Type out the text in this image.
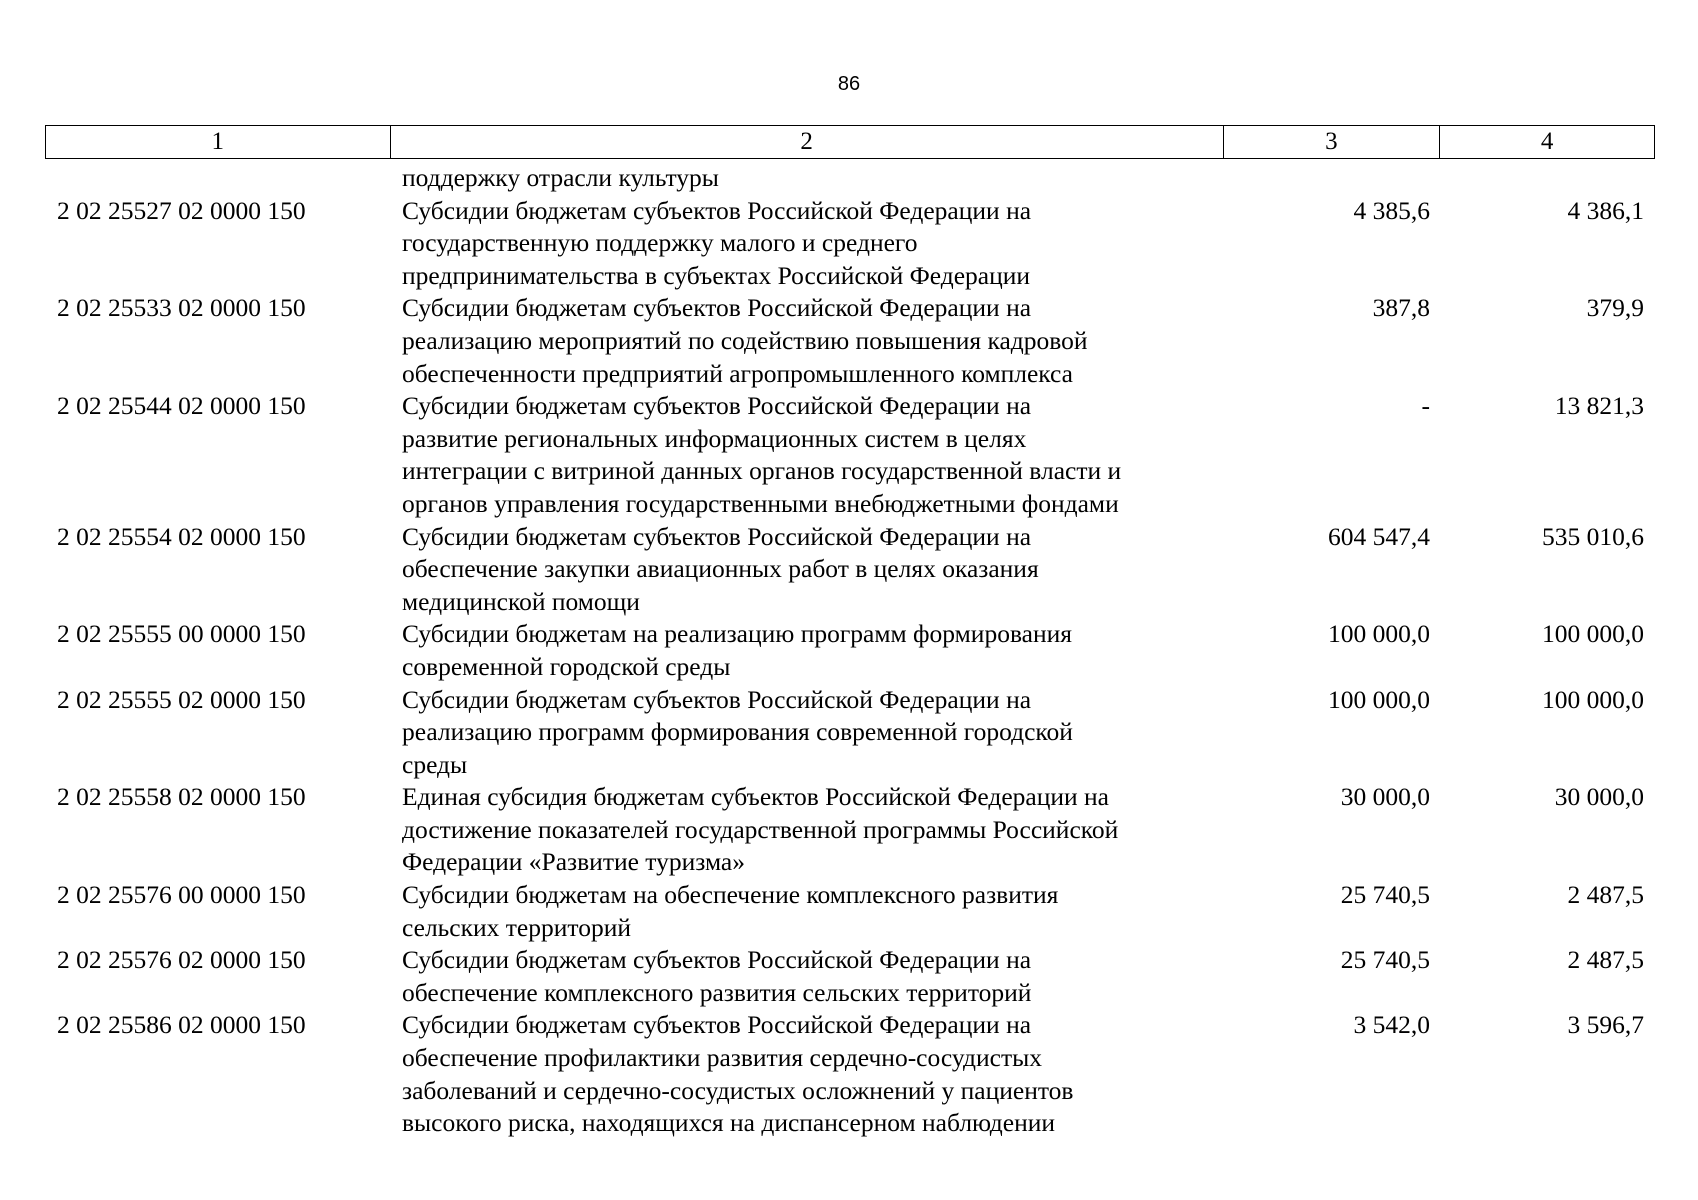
86
1	2	3	4
поддержку отрасли культуры
2 02 25527 02 0000 150	Субсидии бюджетам субъектов Российской Федерации на
государственную поддержку малого и среднего
предпринимательства в субъектах Российской Федерации
4 385,6	4 386,1
2 02 25533 02 0000 150	Субсидии бюджетам субъектов Российской Федерации на
реализацию мероприятий по содействию повышения кадровой
обеспеченности предприятий агропромышленного комплекса
387,8	379,9
2 02 25544 02 0000 150	Субсидии бюджетам субъектов Российской Федерации на
развитие региональных информационных систем в целях
интеграции с витриной данных органов государственной власти и
органов управления государственными внебюджетными фондами
-	13 821,3
2 02 25554 02 0000 150	Субсидии бюджетам субъектов Российской Федерации на
обеспечение закупки авиационных работ в целях оказания
медицинской помощи
604 547,4	535 010,6
2 02 25555 00 0000 150	Субсидии бюджетам на реализацию программ формирования
современной городской среды
100 000,0	100 000,0
2 02 25555 02 0000 150	Субсидии бюджетам субъектов Российской Федерации на
реализацию программ формирования современной городской
среды
100 000,0	100 000,0
2 02 25558 02 0000 150	Единая субсидия бюджетам субъектов Российской Федерации на
достижение показателей государственной программы Российской
Федерации «Развитие туризма»
30 000,0	30 000,0
2 02 25576 00 0000 150	Субсидии бюджетам на обеспечение комплексного развития
сельских территорий
25 740,5	2 487,5
2 02 25576 02 0000 150	Субсидии бюджетам субъектов Российской Федерации на
обеспечение комплексного развития сельских территорий
25 740,5	2 487,5
2 02 25586 02 0000 150	Субсидии бюджетам субъектов Российской Федерации на
обеспечение профилактики развития сердечно-сосудистых
заболеваний и сердечно-сосудистых осложнений у пациентов
высокого риска, находящихся на диспансерном наблюдении
3 542,0	3 596,7
